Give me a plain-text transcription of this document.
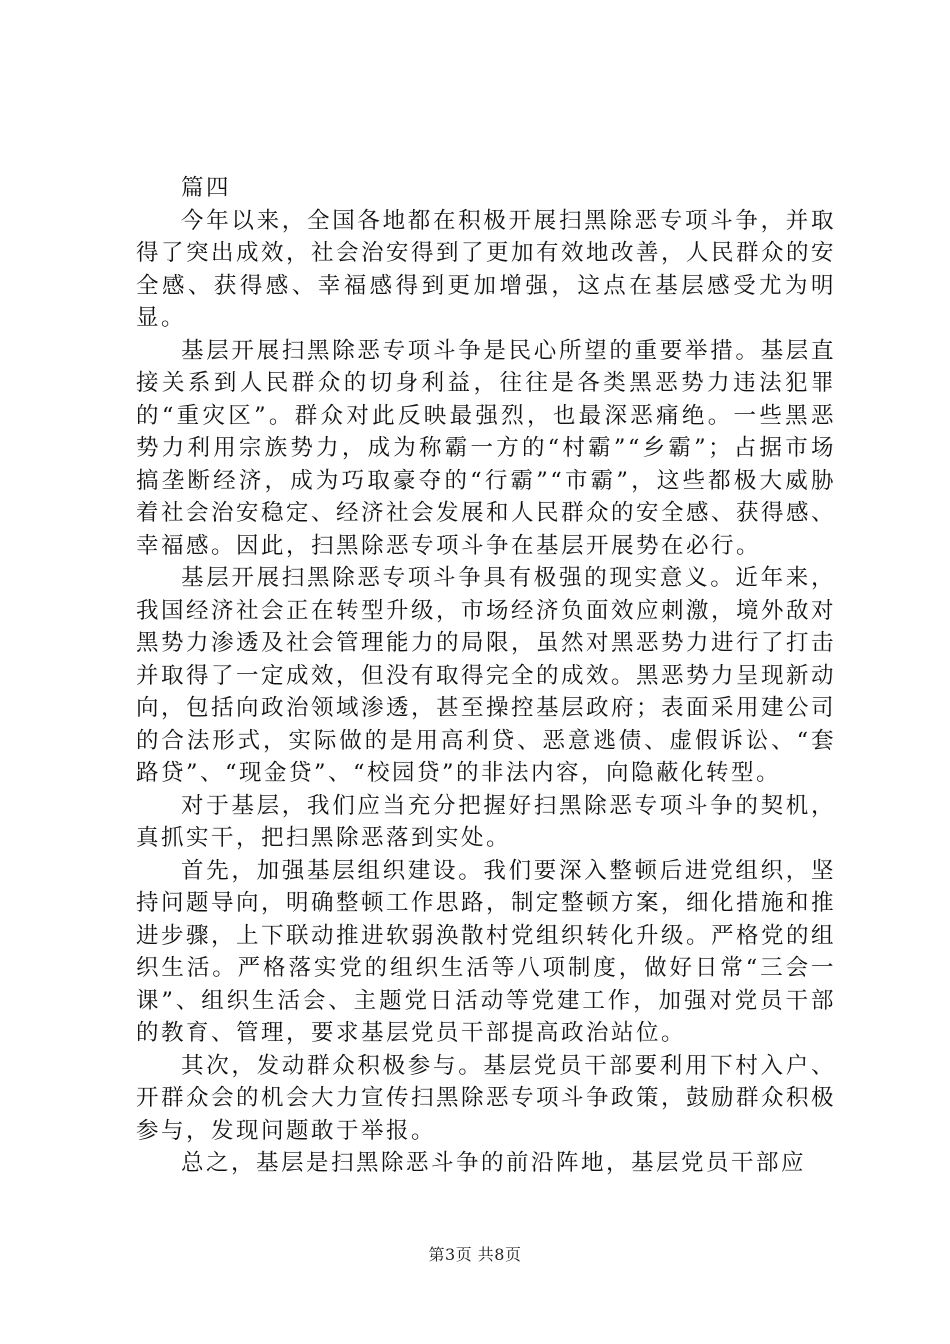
篇四

今年以来，全国各地都在积极开展扫黑除恶专项斗争，并取得了突出成效，社会治安得到了更加有效地改善，人民群众的安全感、获得感、幸福感得到更加增强，这点在基层感受尤为明显。

基层开展扫黑除恶专项斗争是民心所望的重要举措。基层直接关系到人民群众的切身利益，往往是各类黑恶势力违法犯罪的“重灾区”。群众对此反映最强烈，也最深恶痛绝。一些黑恶势力利用宗族势力，成为称霸一方的“村霸”“乡霸”；占据市场搞垄断经济，成为巧取豪夺的“行霸”“市霸”，这些都极大威胁着社会治安稳定、经济社会发展和人民群众的安全感、获得感、幸福感。因此，扫黑除恶专项斗争在基层开展势在必行。

基层开展扫黑除恶专项斗争具有极强的现实意义。近年来，我国经济社会正在转型升级，市场经济负面效应刺激，境外敌对黑势力渗透及社会管理能力的局限，虽然对黑恶势力进行了打击并取得了一定成效，但没有取得完全的成效。黑恶势力呈现新动向，包括向政治领域渗透，甚至操控基层政府；表面采用建公司的合法形式，实际做的是用高利贷、恶意逃债、虚假诉讼、“套路贷”、“现金贷”、“校园贷”的非法内容，向隐蔽化转型。

对于基层，我们应当充分把握好扫黑除恶专项斗争的契机，真抓实干，把扫黑除恶落到实处。

首先，加强基层组织建设。我们要深入整顿后进党组织，坚持问题导向，明确整顿工作思路，制定整顿方案，细化措施和推进步骤，上下联动推进软弱涣散村党组织转化升级。严格党的组织生活。严格落实党的组织生活等八项制度，做好日常“三会一课”、组织生活会、主题党日活动等党建工作，加强对党员干部的教育、管理，要求基层党员干部提高政治站位。

其次，发动群众积极参与。基层党员干部要利用下村入户、开群众会的机会大力宣传扫黑除恶专项斗争政策，鼓励群众积极参与，发现问题敢于举报。

总之，基层是扫黑除恶斗争的前沿阵地，基层党员干部应

第3页 共8页
